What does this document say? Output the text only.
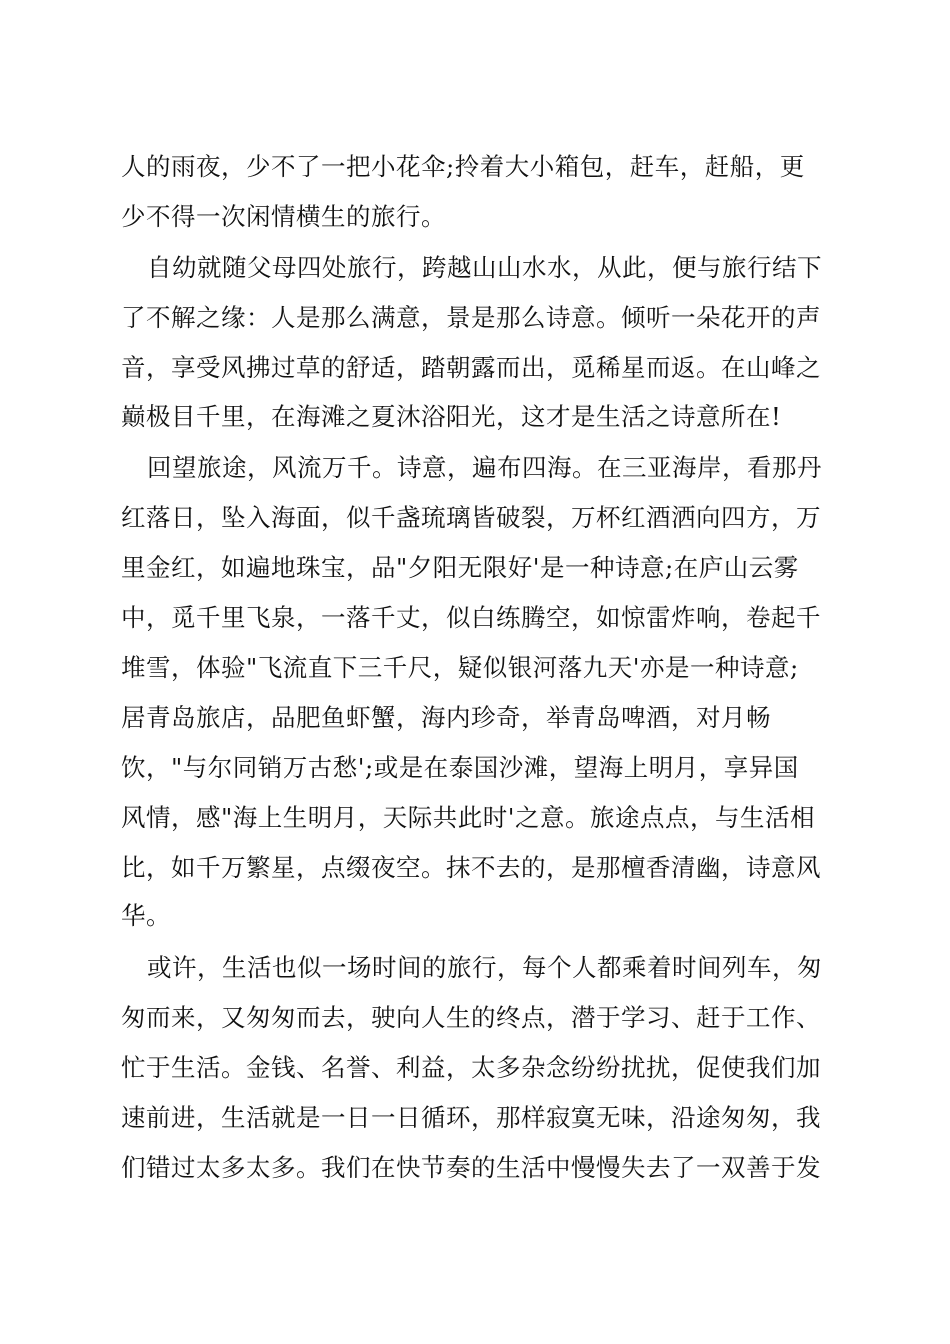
人的雨夜，少不了一把小花伞;拎着大小箱包，赶车，赶船，更
少不得一次闲情横生的旅行。
自幼就随父母四处旅行，跨越山山水水，从此，便与旅行结下
了不解之缘：人是那么满意，景是那么诗意。倾听一朵花开的声
音，享受风拂过草的舒适，踏朝露而出，觅稀星而返。在山峰之
巅极目千里，在海滩之夏沐浴阳光，这才是生活之诗意所在!
回望旅途，风流万千。诗意，遍布四海。在三亚海岸，看那丹
红落日，坠入海面，似千盏琉璃皆破裂，万杯红酒洒向四方，万
里金红，如遍地珠宝，品"夕阳无限好'是一种诗意;在庐山云雾
中，觅千里飞泉，一落千丈，似白练腾空，如惊雷炸响，卷起千
堆雪，体验"飞流直下三千尺，疑似银河落九天'亦是一种诗意;
居青岛旅店，品肥鱼虾蟹，海内珍奇，举青岛啤酒，对月畅
饮，"与尔同销万古愁';或是在泰国沙滩，望海上明月，享异国
风情，感"海上生明月，天际共此时'之意。旅途点点，与生活相
比，如千万繁星，点缀夜空。抹不去的，是那檀香清幽，诗意风
华。
或许，生活也似一场时间的旅行，每个人都乘着时间列车，匆
匆而来，又匆匆而去，驶向人生的终点，潜于学习、赶于工作、
忙于生活。金钱、名誉、利益，太多杂念纷纷扰扰，促使我们加
速前进，生活就是一日一日循环，那样寂寞无味，沿途匆匆，我
们错过太多太多。我们在快节奏的生活中慢慢失去了一双善于发
